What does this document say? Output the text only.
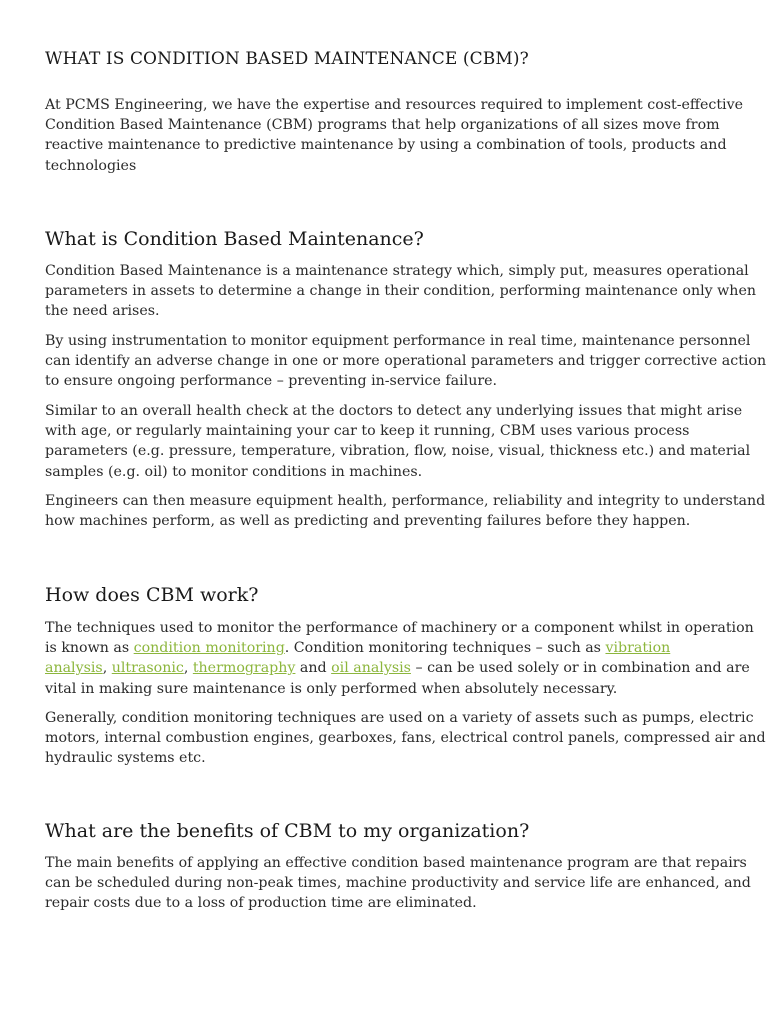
WHAT IS CONDITION BASED MAINTENANCE (CBM)?

At PCMS Engineering, we have the expertise and resources required to implement cost-effective
Condition Based Maintenance (CBM) programs that help organizations of all sizes move from
reactive maintenance to predictive maintenance by using a combination of tools, products and
technologies

What is Condition Based Maintenance?

Condition Based Maintenance is a maintenance strategy which, simply put, measures operational
parameters in assets to determine a change in their condition, performing maintenance only when
the need arises.

By using instrumentation to monitor equipment performance in real time, maintenance personnel
can identify an adverse change in one or more operational parameters and trigger corrective action
to ensure ongoing performance – preventing in-service failure.

Similar to an overall health check at the doctors to detect any underlying issues that might arise
with age, or regularly maintaining your car to keep it running, CBM uses various process
parameters (e.g. pressure, temperature, vibration, flow, noise, visual, thickness etc.) and material
samples (e.g. oil) to monitor conditions in machines.

Engineers can then measure equipment health, performance, reliability and integrity to understand
how machines perform, as well as predicting and preventing failures before they happen.

How does CBM work?

The techniques used to monitor the performance of machinery or a component whilst in operation
is known as condition monitoring. Condition monitoring techniques – such as vibration
analysis, ultrasonic, thermography and oil analysis – can be used solely or in combination and are
vital in making sure maintenance is only performed when absolutely necessary.

Generally, condition monitoring techniques are used on a variety of assets such as pumps, electric
motors, internal combustion engines, gearboxes, fans, electrical control panels, compressed air and
hydraulic systems etc.

What are the benefits of CBM to my organization?

The main benefits of applying an effective condition based maintenance program are that repairs
can be scheduled during non-peak times, machine productivity and service life are enhanced, and
repair costs due to a loss of production time are eliminated.
